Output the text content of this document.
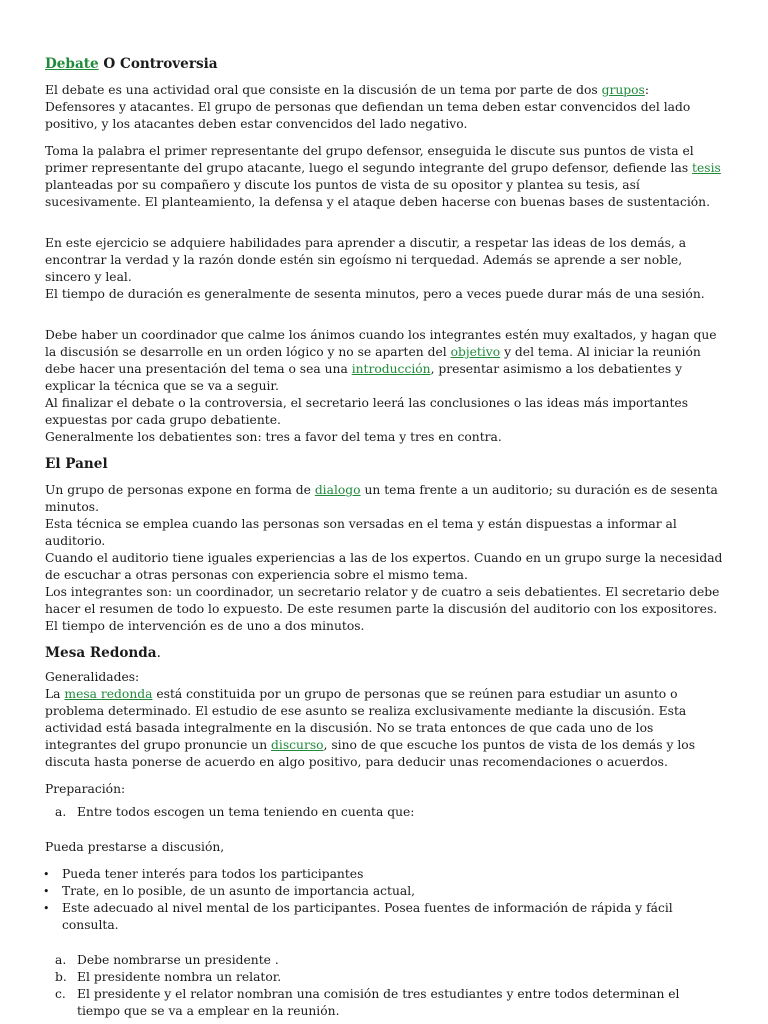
Debate O Controversia

El debate es una actividad oral que consiste en la discusión de un tema por parte de dos grupos:
Defensores y atacantes. El grupo de personas que defiendan un tema deben estar convencidos del lado positivo, y los atacantes deben estar convencidos del lado negativo.

Toma la palabra el primer representante del grupo defensor, enseguida le discute sus puntos de vista el primer representante del grupo atacante, luego el segundo integrante del grupo defensor, defiende las tesis planteadas por su compañero y discute los puntos de vista de su opositor y plantea su tesis, así sucesivamente. El planteamiento, la defensa y el ataque deben hacerse con buenas bases de sustentación.

En este ejercicio se adquiere habilidades para aprender a discutir, a respetar las ideas de los demás, a encontrar la verdad y la razón donde estén sin egoísmo ni terquedad. Además se aprende a ser noble, sincero y leal.
El tiempo de duración es generalmente de sesenta minutos, pero a veces puede durar más de una sesión.

Debe haber un coordinador que calme los ánimos cuando los integrantes estén muy exaltados, y hagan que la discusión se desarrolle en un orden lógico y no se aparten del objetivo y del tema. Al iniciar la reunión debe hacer una presentación del tema o sea una introducción, presentar asimismo a los debatientes y explicar la técnica que se va a seguir.
Al finalizar el debate o la controversia, el secretario leerá las conclusiones o las ideas más importantes expuestas por cada grupo debatiente.
Generalmente los debatientes son: tres a favor del tema y tres en contra.

El Panel

Un grupo de personas expone en forma de dialogo un tema frente a un auditorio; su duración es de sesenta minutos.
Esta técnica se emplea cuando las personas son versadas en el tema y están dispuestas a informar al auditorio.
Cuando el auditorio tiene iguales experiencias a las de los expertos. Cuando en un grupo surge la necesidad de escuchar a otras personas con experiencia sobre el mismo tema.
Los integrantes son: un coordinador, un secretario relator y de cuatro a seis debatientes. El secretario debe hacer el resumen de todo lo expuesto. De este resumen parte la discusión del auditorio con los expositores. El tiempo de intervención es de uno a dos minutos.

Mesa Redonda.

Generalidades:
La mesa redonda está constituida por un grupo de personas que se reúnen para estudiar un asunto o problema determinado. El estudio de ese asunto se realiza exclusivamente mediante la discusión. Esta actividad está basada integralmente en la discusión. No se trata entonces de que cada uno de los integrantes del grupo pronuncie un discurso, sino de que escuche los puntos de vista de los demás y los discuta hasta ponerse de acuerdo en algo positivo, para deducir unas recomendaciones o acuerdos.

Preparación:

a. Entre todos escogen un tema teniendo en cuenta que:

Pueda prestarse a discusión,

• Pueda tener interés para todos los participantes
• Trate, en lo posible, de un asunto de importancia actual,
• Este adecuado al nivel mental de los participantes. Posea fuentes de información de rápida y fácil consulta.
a. Debe nombrarse un presidente .
b. El presidente nombra un relator.
c. El presidente y el relator nombran una comisión de tres estudiantes y entre todos determinan el tiempo que se va a emplear en la reunión.
